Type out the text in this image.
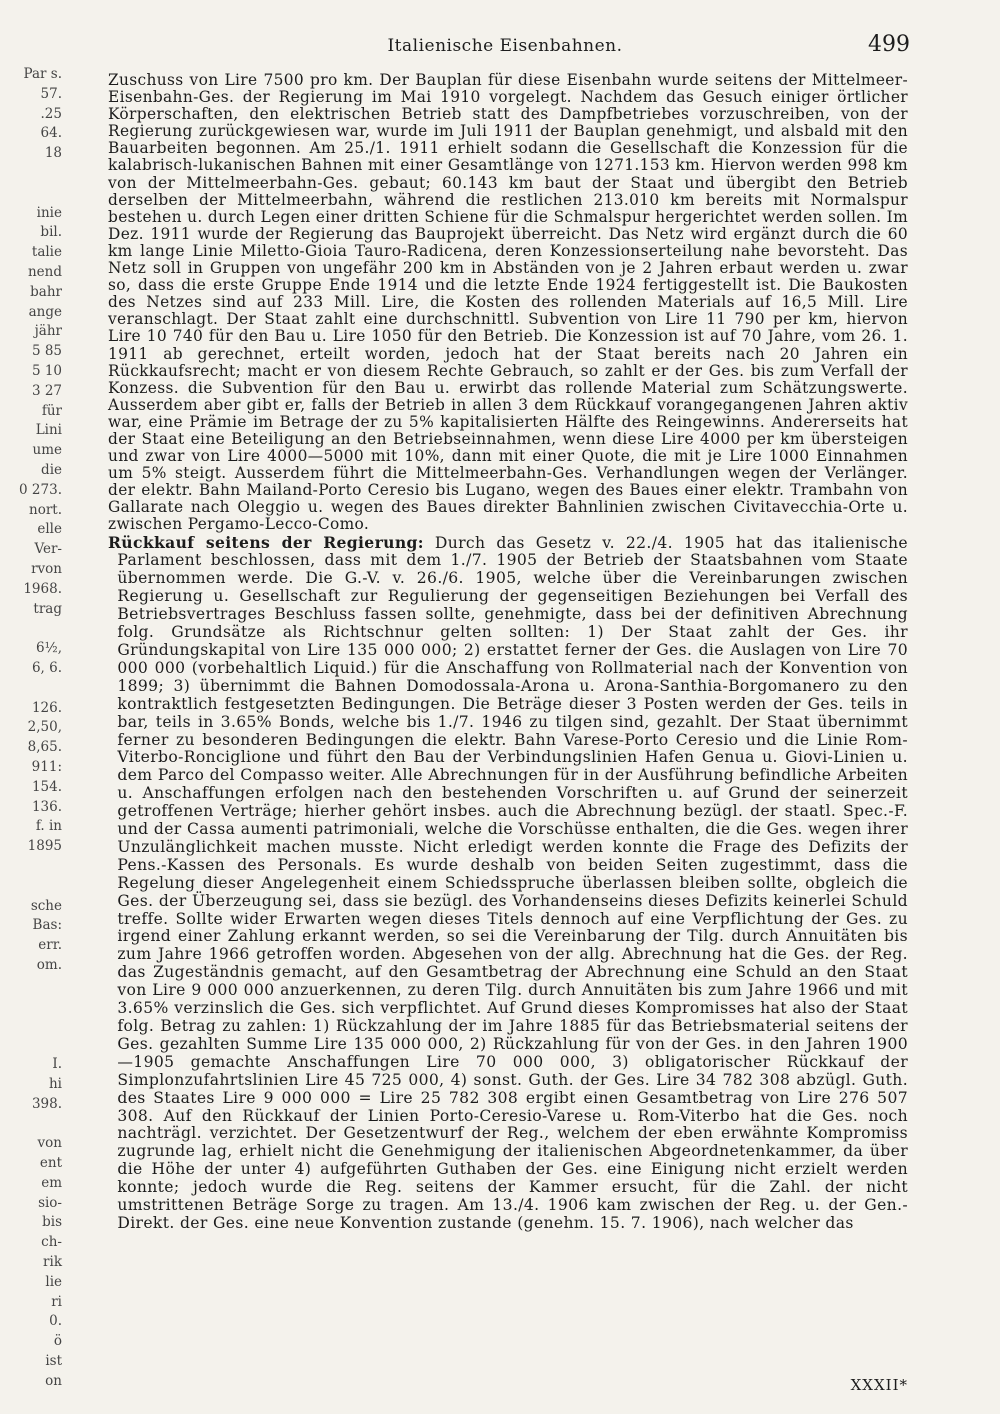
Italienische Eisenbahnen.	499
Par s.
57.
.25
64.
18
inie
bil.
talie
nend
bahr
ange
jähr
5 85
5 10
3 27
für
Lini
ume
die
0 273.
nort.
elle
Ver-
rvon
1968.
trag
6½,
6, 6.
126.
2,50,
8,65.
911:
154.
136.
f. in
1895
sche
Bas:
err.
om.
I.
hi
398.
von
ent
em
sio-
bis
ch-
rik
lie
ri
0.
ö
ist
on

Zuschuss von Lire 7500 pro km. Der Bauplan für diese Eisenbahn wurde seitens der Mittelmeer-Eisenbahn-Ges. der Regierung im Mai 1910 vorgelegt. Nachdem das Gesuch einiger örtlicher Körperschaften, den elektrischen Betrieb statt des Dampfbetriebes vorzuschreiben, von der Regierung zurückgewiesen war, wurde im Juli 1911 der Bauplan genehmigt, und alsbald mit den Bauarbeiten begonnen. Am 25./1. 1911 erhielt sodann die Gesellschaft die Konzession für die kalabrisch-lukanischen Bahnen mit einer Gesamtlänge von 1271.153 km. Hiervon werden 998 km von der Mittelmeerbahn-Ges. gebaut; 60.143 km baut der Staat und übergibt den Betrieb derselben der Mittelmeerbahn, während die restlichen 213.010 km bereits mit Normalspur bestehen u. durch Legen einer dritten Schiene für die Schmalspur hergerichtet werden sollen. Im Dez. 1911 wurde der Regierung das Bauprojekt überreicht. Das Netz wird ergänzt durch die 60 km lange Linie Miletto-Gioia Tauro-Radicena, deren Konzessionserteilung nahe bevorsteht. Das Netz soll in Gruppen von ungefähr 200 km in Abständen von je 2 Jahren erbaut werden u. zwar so, dass die erste Gruppe Ende 1914 und die letzte Ende 1924 fertiggestellt ist. Die Baukosten des Netzes sind auf 233 Mill. Lire, die Kosten des rollenden Materials auf 16,5 Mill. Lire veranschlagt. Der Staat zahlt eine durchschnittl. Subvention von Lire 11 790 per km, hiervon Lire 10 740 für den Bau u. Lire 1050 für den Betrieb. Die Konzession ist auf 70 Jahre, vom 26. 1. 1911 ab gerechnet, erteilt worden, jedoch hat der Staat bereits nach 20 Jahren ein Rückkaufsrecht; macht er von diesem Rechte Gebrauch, so zahlt er der Ges. bis zum Verfall der Konzess. die Subvention für den Bau u. erwirbt das rollende Material zum Schätzungswerte. Ausserdem aber gibt er, falls der Betrieb in allen 3 dem Rückkauf vorangegangenen Jahren aktiv war, eine Prämie im Betrage der zu 5% kapitalisierten Hälfte des Reingewinns. Andererseits hat der Staat eine Beteiligung an den Betriebseinnahmen, wenn diese Lire 4000 per km übersteigen und zwar von Lire 4000—5000 mit 10%, dann mit einer Quote, die mit je Lire 1000 Einnahmen um 5% steigt. Ausserdem führt die Mittelmeerbahn-Ges. Verhandlungen wegen der Verlänger. der elektr. Bahn Mailand-Porto Ceresio bis Lugano, wegen des Baues einer elektr. Trambahn von Gallarate nach Oleggio u. wegen des Baues direkter Bahnlinien zwischen Civitavecchia-Orte u. zwischen Pergamo-Lecco-Como.

Rückkauf seitens der Regierung: Durch das Gesetz v. 22./4. 1905 hat das italienische Parlament beschlossen, dass mit dem 1./7. 1905 der Betrieb der Staatsbahnen vom Staate übernommen werde. Die G.-V. v. 26./6. 1905, welche über die Vereinbarungen zwischen Regierung u. Gesellschaft zur Regulierung der gegenseitigen Beziehungen bei Verfall des Betriebsvertrages Beschluss fassen sollte, genehmigte, dass bei der definitiven Abrechnung folg. Grundsätze als Richtschnur gelten sollten: 1) Der Staat zahlt der Ges. ihr Gründungskapital von Lire 135 000 000; 2) erstattet ferner der Ges. die Auslagen von Lire 70 000 000 (vorbehaltlich Liquid.) für die Anschaffung von Rollmaterial nach der Konvention von 1899; 3) übernimmt die Bahnen Domodossala-Arona u. Arona-Santhia-Borgomanero zu den kontraktlich festgesetzten Bedingungen. Die Beträge dieser 3 Posten werden der Ges. teils in bar, teils in 3.65% Bonds, welche bis 1./7. 1946 zu tilgen sind, gezahlt. Der Staat übernimmt ferner zu besonderen Bedingungen die elektr. Bahn Varese-Porto Ceresio und die Linie Rom-Viterbo-Ronciglione und führt den Bau der Verbindungslinien Hafen Genua u. Giovi-Linien u. dem Parco del Compasso weiter. Alle Abrechnungen für in der Ausführung befindliche Arbeiten u. Anschaffungen erfolgen nach den bestehenden Vorschriften u. auf Grund der seinerzeit getroffenen Verträge; hierher gehört insbes. auch die Abrechnung bezügl. der staatl. Spec.-F. und der Cassa aumenti patrimoniali, welche die Vorschüsse enthalten, die die Ges. wegen ihrer Unzulänglichkeit machen musste. Nicht erledigt werden konnte die Frage des Defizits der Pens.-Kassen des Personals. Es wurde deshalb von beiden Seiten zugestimmt, dass die Regelung dieser Angelegenheit einem Schiedsspruche überlassen bleiben sollte, obgleich die Ges. der Überzeugung sei, dass sie bezügl. des Vorhandenseins dieses Defizits keinerlei Schuld treffe. Sollte wider Erwarten wegen dieses Titels dennoch auf eine Verpflichtung der Ges. zu irgend einer Zahlung erkannt werden, so sei die Vereinbarung der Tilg. durch Annuitäten bis zum Jahre 1966 getroffen worden. Abgesehen von der allg. Abrechnung hat die Ges. der Reg. das Zugeständnis gemacht, auf den Gesamtbetrag der Abrechnung eine Schuld an den Staat von Lire 9 000 000 anzuerkennen, zu deren Tilg. durch Annuitäten bis zum Jahre 1966 und mit 3.65% verzinslich die Ges. sich verpflichtet. Auf Grund dieses Kompromisses hat also der Staat folg. Betrag zu zahlen: 1) Rückzahlung der im Jahre 1885 für das Betriebsmaterial seitens der Ges. gezahlten Summe Lire 135 000 000, 2) Rückzahlung für von der Ges. in den Jahren 1900—1905 gemachte Anschaffungen Lire 70 000 000, 3) obligatorischer Rückkauf der Simplonzufahrtslinien Lire 45 725 000, 4) sonst. Guth. der Ges. Lire 34 782 308 abzügl. Guth. des Staates Lire 9 000 000 = Lire 25 782 308 ergibt einen Gesamtbetrag von Lire 276 507 308. Auf den Rückkauf der Linien Porto-Ceresio-Varese u. Rom-Viterbo hat die Ges. noch nachträgl. verzichtet. Der Gesetzentwurf der Reg., welchem der eben erwähnte Kompromiss zugrunde lag, erhielt nicht die Genehmigung der italienischen Abgeordnetenkammer, da über die Höhe der unter 4) aufgeführten Guthaben der Ges. eine Einigung nicht erzielt werden konnte; jedoch wurde die Reg. seitens der Kammer ersucht, für die Zahl. der nicht umstrittenen Beträge Sorge zu tragen. Am 13./4. 1906 kam zwischen der Reg. u. der Gen.-Direkt. der Ges. eine neue Konvention zustande (genehm. 15. 7. 1906), nach welcher das

XXXII*
